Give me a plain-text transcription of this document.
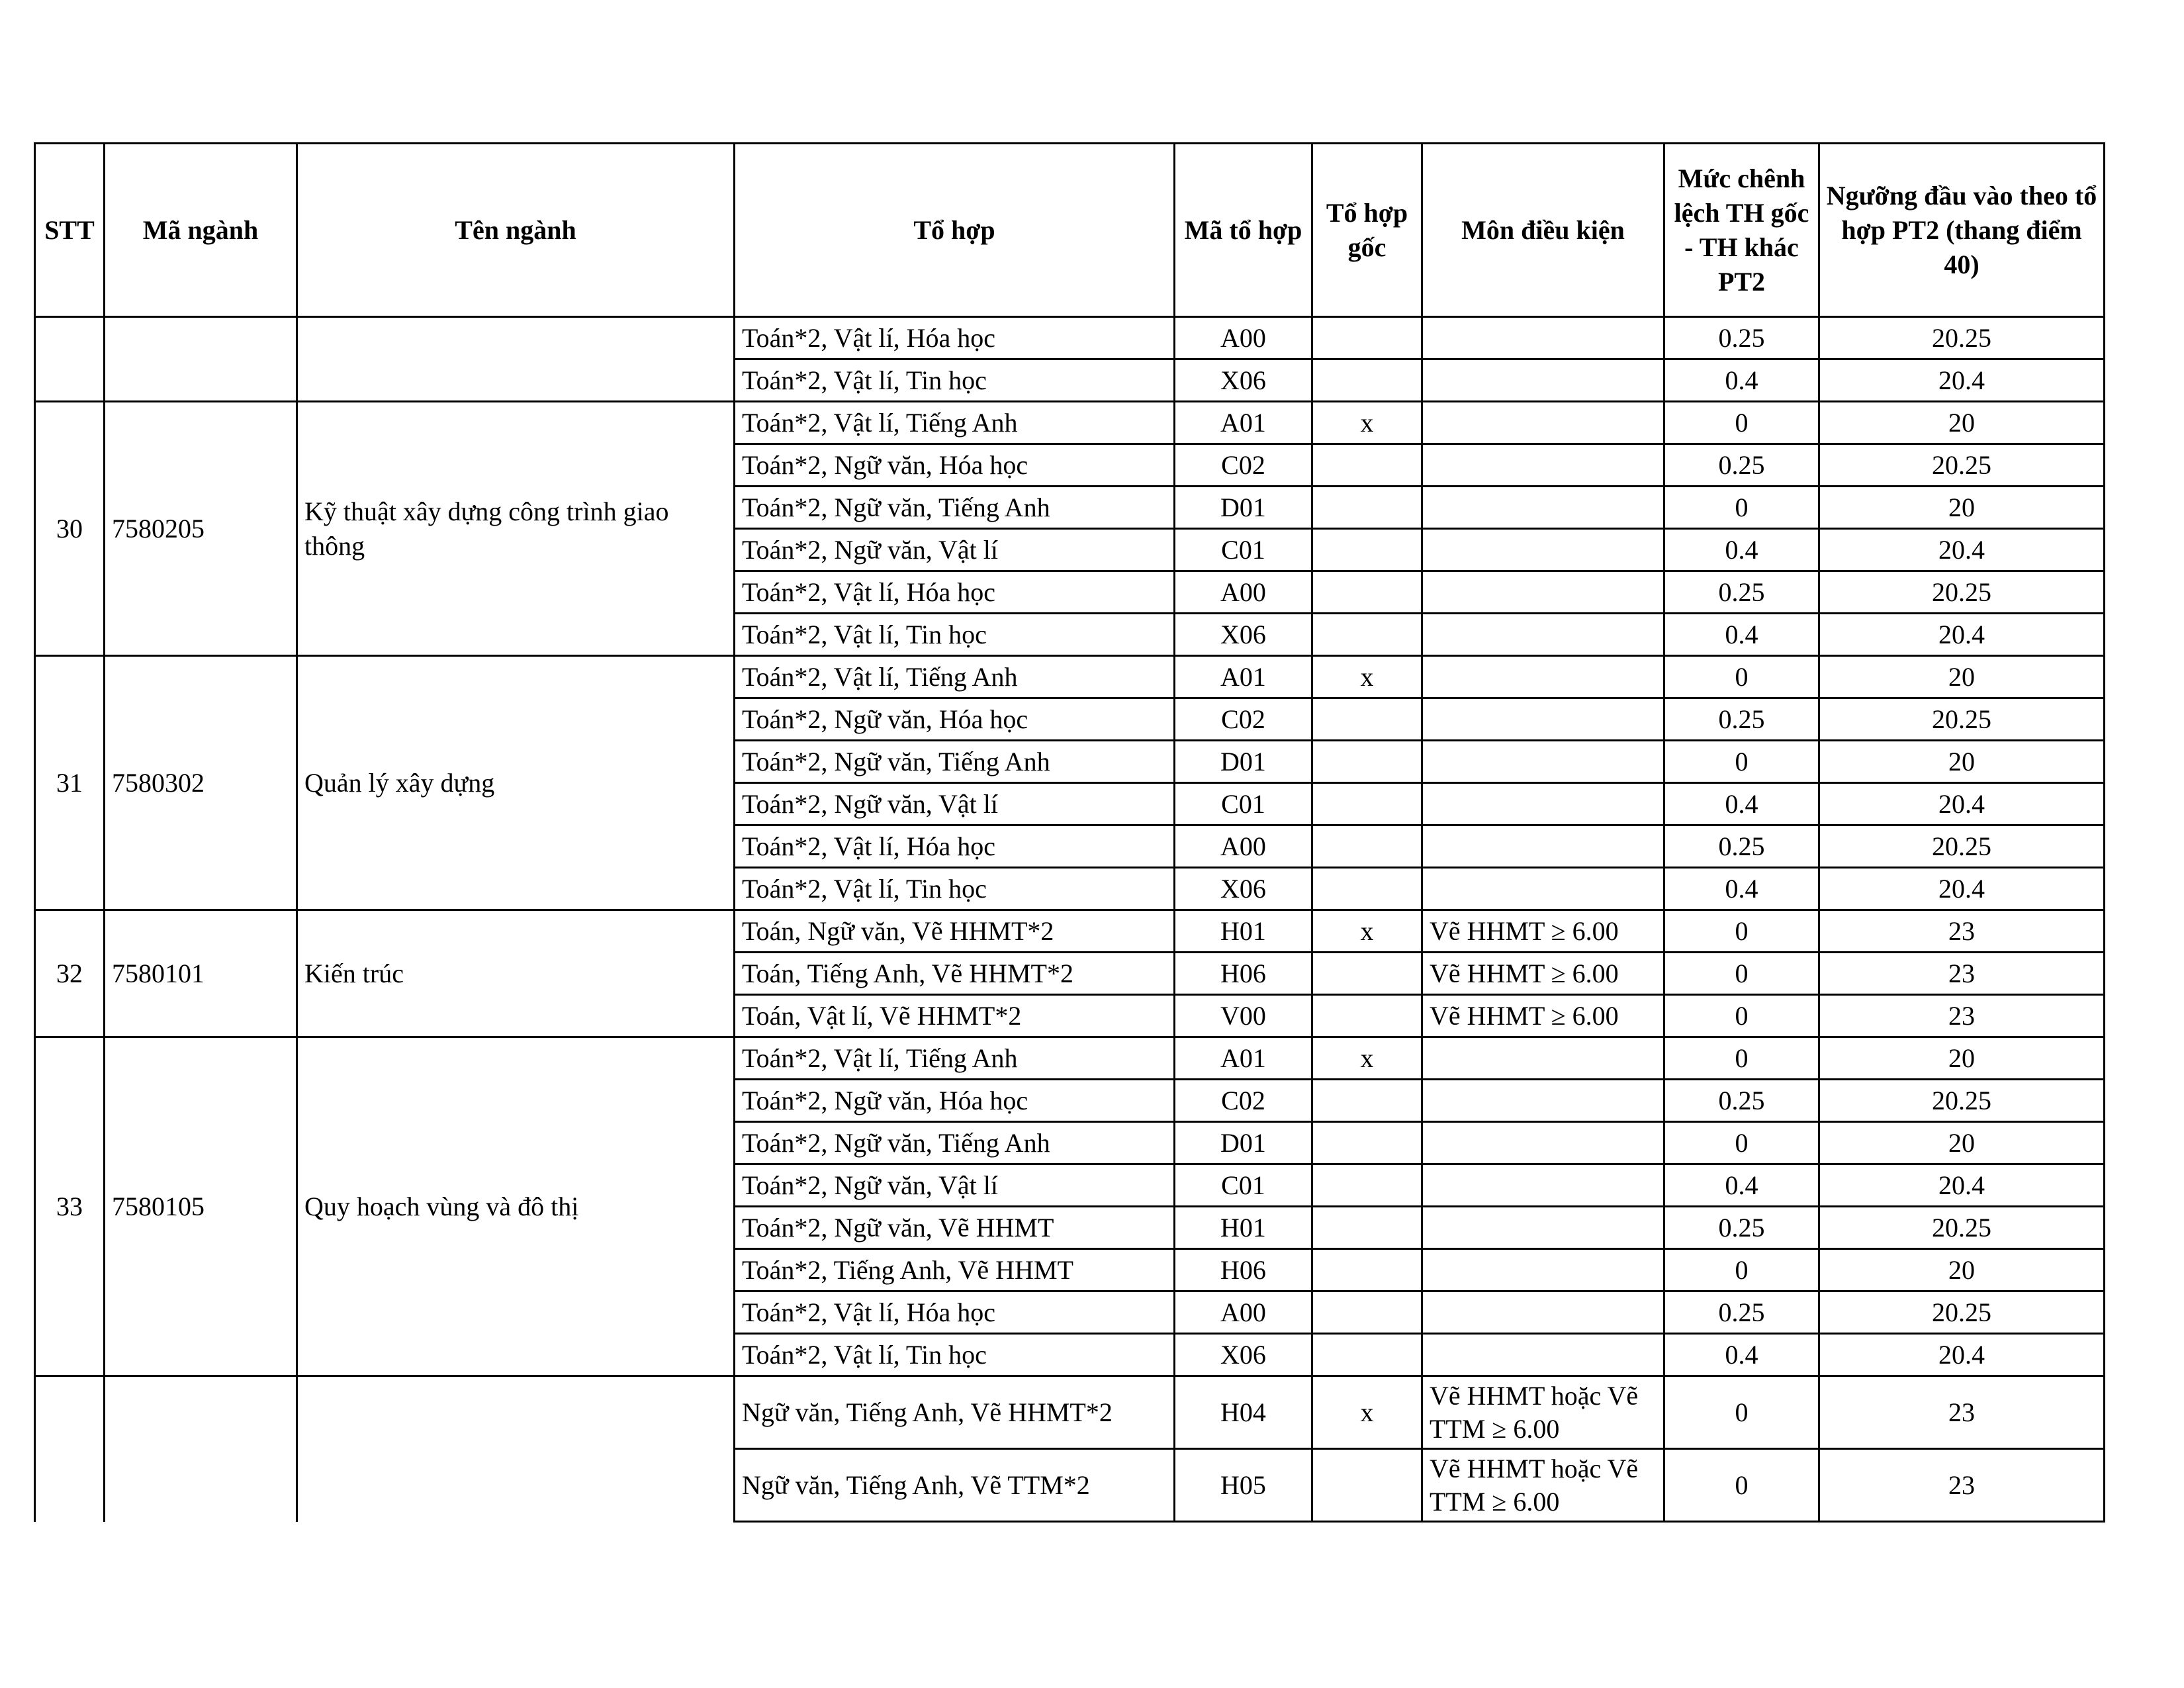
STT	Mã ngành	Tên ngành	Tổ hợp	Mã tổ hợp	Tổ hợp gốc	Môn điều kiện	Mức chênh lệch TH gốc - TH khác PT2	Ngưỡng đầu vào theo tổ hợp PT2 (thang điểm 40)
			Toán*2, Vật lí, Hóa học	A00			0.25	20.25
			Toán*2, Vật lí, Tin học	X06			0.4	20.4
30	7580205	Kỹ thuật xây dựng công trình giao thông	Toán*2, Vật lí, Tiếng Anh	A01	x		0	20
			Toán*2, Ngữ văn, Hóa học	C02			0.25	20.25
			Toán*2, Ngữ văn, Tiếng Anh	D01			0	20
			Toán*2, Ngữ văn, Vật lí	C01			0.4	20.4
			Toán*2, Vật lí, Hóa học	A00			0.25	20.25
			Toán*2, Vật lí, Tin học	X06			0.4	20.4
31	7580302	Quản lý xây dựng	Toán*2, Vật lí, Tiếng Anh	A01	x		0	20
			Toán*2, Ngữ văn, Hóa học	C02			0.25	20.25
			Toán*2, Ngữ văn, Tiếng Anh	D01			0	20
			Toán*2, Ngữ văn, Vật lí	C01			0.4	20.4
			Toán*2, Vật lí, Hóa học	A00			0.25	20.25
			Toán*2, Vật lí, Tin học	X06			0.4	20.4
32	7580101	Kiến trúc	Toán, Ngữ văn, Vẽ HHMT*2	H01	x	Vẽ HHMT ≥ 6.00	0	23
			Toán, Tiếng Anh, Vẽ HHMT*2	H06		Vẽ HHMT ≥ 6.00	0	23
			Toán, Vật lí, Vẽ HHMT*2	V00		Vẽ HHMT ≥ 6.00	0	23
33	7580105	Quy hoạch vùng và đô thị	Toán*2, Vật lí, Tiếng Anh	A01	x		0	20
			Toán*2, Ngữ văn, Hóa học	C02			0.25	20.25
			Toán*2, Ngữ văn, Tiếng Anh	D01			0	20
			Toán*2, Ngữ văn, Vật lí	C01			0.4	20.4
			Toán*2, Ngữ văn, Vẽ HHMT	H01			0.25	20.25
			Toán*2, Tiếng Anh, Vẽ HHMT	H06			0	20
			Toán*2, Vật lí, Hóa học	A00			0.25	20.25
			Toán*2, Vật lí, Tin học	X06			0.4	20.4
			Ngữ văn, Tiếng Anh, Vẽ HHMT*2	H04	x	Vẽ HHMT hoặc Vẽ TTM ≥ 6.00	0	23
			Ngữ văn, Tiếng Anh, Vẽ TTM*2	H05		Vẽ HHMT hoặc Vẽ TTM ≥ 6.00	0	23
